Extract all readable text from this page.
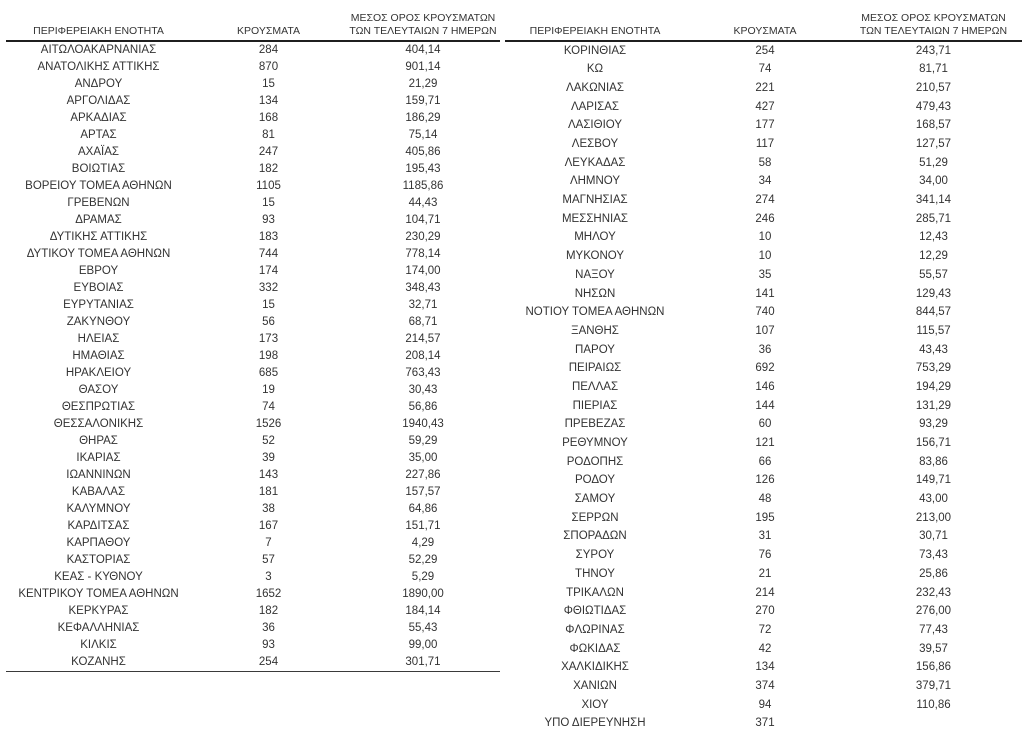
ΠΕΡΙΦΕΡΕΙΑΚΗ ΕΝΟΤΗΤΑ	ΚΡΟΥΣΜΑΤΑ	ΜΕΣΟΣ ΟΡΟΣ ΚΡΟΥΣΜΑΤΩΝ
ΤΩΝ ΤΕΛΕΥΤΑΙΩΝ 7 ΗΜΕΡΩΝ
ΑΙΤΩΛΟΑΚΑΡΝΑΝΙΑΣ	284	404,14
ΑΝΑΤΟΛΙΚΗΣ ΑΤΤΙΚΗΣ	870	901,14
ΑΝΔΡΟΥ	15	21,29
ΑΡΓΟΛΙΔΑΣ	134	159,71
ΑΡΚΑΔΙΑΣ	168	186,29
ΑΡΤΑΣ	81	75,14
ΑΧΑΪΑΣ	247	405,86
ΒΟΙΩΤΙΑΣ	182	195,43
ΒΟΡΕΙΟΥ ΤΟΜΕΑ ΑΘΗΝΩΝ	1105	1185,86
ΓΡΕΒΕΝΩΝ	15	44,43
ΔΡΑΜΑΣ	93	104,71
ΔΥΤΙΚΗΣ ΑΤΤΙΚΗΣ	183	230,29
ΔΥΤΙΚΟΥ ΤΟΜΕΑ ΑΘΗΝΩΝ	744	778,14
ΕΒΡΟΥ	174	174,00
ΕΥΒΟΙΑΣ	332	348,43
ΕΥΡΥΤΑΝΙΑΣ	15	32,71
ΖΑΚΥΝΘΟΥ	56	68,71
ΗΛΕΙΑΣ	173	214,57
ΗΜΑΘΙΑΣ	198	208,14
ΗΡΑΚΛΕΙΟΥ	685	763,43
ΘΑΣΟΥ	19	30,43
ΘΕΣΠΡΩΤΙΑΣ	74	56,86
ΘΕΣΣΑΛΟΝΙΚΗΣ	1526	1940,43
ΘΗΡΑΣ	52	59,29
ΙΚΑΡΙΑΣ	39	35,00
ΙΩΑΝΝΙΝΩΝ	143	227,86
ΚΑΒΑΛΑΣ	181	157,57
ΚΑΛΥΜΝΟΥ	38	64,86
ΚΑΡΔΙΤΣΑΣ	167	151,71
ΚΑΡΠΑΘΟΥ	7	4,29
ΚΑΣΤΟΡΙΑΣ	57	52,29
ΚΕΑΣ - ΚΥΘΝΟΥ	3	5,29
ΚΕΝΤΡΙΚΟΥ ΤΟΜΕΑ ΑΘΗΝΩΝ	1652	1890,00
ΚΕΡΚΥΡΑΣ	182	184,14
ΚΕΦΑΛΛΗΝΙΑΣ	36	55,43
ΚΙΛΚΙΣ	93	99,00
ΚΟΖΑΝΗΣ	254	301,71
ΠΕΡΙΦΕΡΕΙΑΚΗ ΕΝΟΤΗΤΑ	ΚΡΟΥΣΜΑΤΑ	ΜΕΣΟΣ ΟΡΟΣ ΚΡΟΥΣΜΑΤΩΝ
ΤΩΝ ΤΕΛΕΥΤΑΙΩΝ 7 ΗΜΕΡΩΝ
ΚΟΡΙΝΘΙΑΣ	254	243,71
ΚΩ	74	81,71
ΛΑΚΩΝΙΑΣ	221	210,57
ΛΑΡΙΣΑΣ	427	479,43
ΛΑΣΙΘΙΟΥ	177	168,57
ΛΕΣΒΟΥ	117	127,57
ΛΕΥΚΑΔΑΣ	58	51,29
ΛΗΜΝΟΥ	34	34,00
ΜΑΓΝΗΣΙΑΣ	274	341,14
ΜΕΣΣΗΝΙΑΣ	246	285,71
ΜΗΛΟΥ	10	12,43
ΜΥΚΟΝΟΥ	10	12,29
ΝΑΞΟΥ	35	55,57
ΝΗΣΩΝ	141	129,43
ΝΟΤΙΟΥ ΤΟΜΕΑ ΑΘΗΝΩΝ	740	844,57
ΞΑΝΘΗΣ	107	115,57
ΠΑΡΟΥ	36	43,43
ΠΕΙΡΑΙΩΣ	692	753,29
ΠΕΛΛΑΣ	146	194,29
ΠΙΕΡΙΑΣ	144	131,29
ΠΡΕΒΕΖΑΣ	60	93,29
ΡΕΘΥΜΝΟΥ	121	156,71
ΡΟΔΟΠΗΣ	66	83,86
ΡΟΔΟΥ	126	149,71
ΣΑΜΟΥ	48	43,00
ΣΕΡΡΩΝ	195	213,00
ΣΠΟΡΑΔΩΝ	31	30,71
ΣΥΡΟΥ	76	73,43
ΤΗΝΟΥ	21	25,86
ΤΡΙΚΑΛΩΝ	214	232,43
ΦΘΙΩΤΙΔΑΣ	270	276,00
ΦΛΩΡΙΝΑΣ	72	77,43
ΦΩΚΙΔΑΣ	42	39,57
ΧΑΛΚΙΔΙΚΗΣ	134	156,86
ΧΑΝΙΩΝ	374	379,71
ΧΙΟΥ	94	110,86
ΥΠΟ ΔΙΕΡΕΥΝΗΣΗ	371	
